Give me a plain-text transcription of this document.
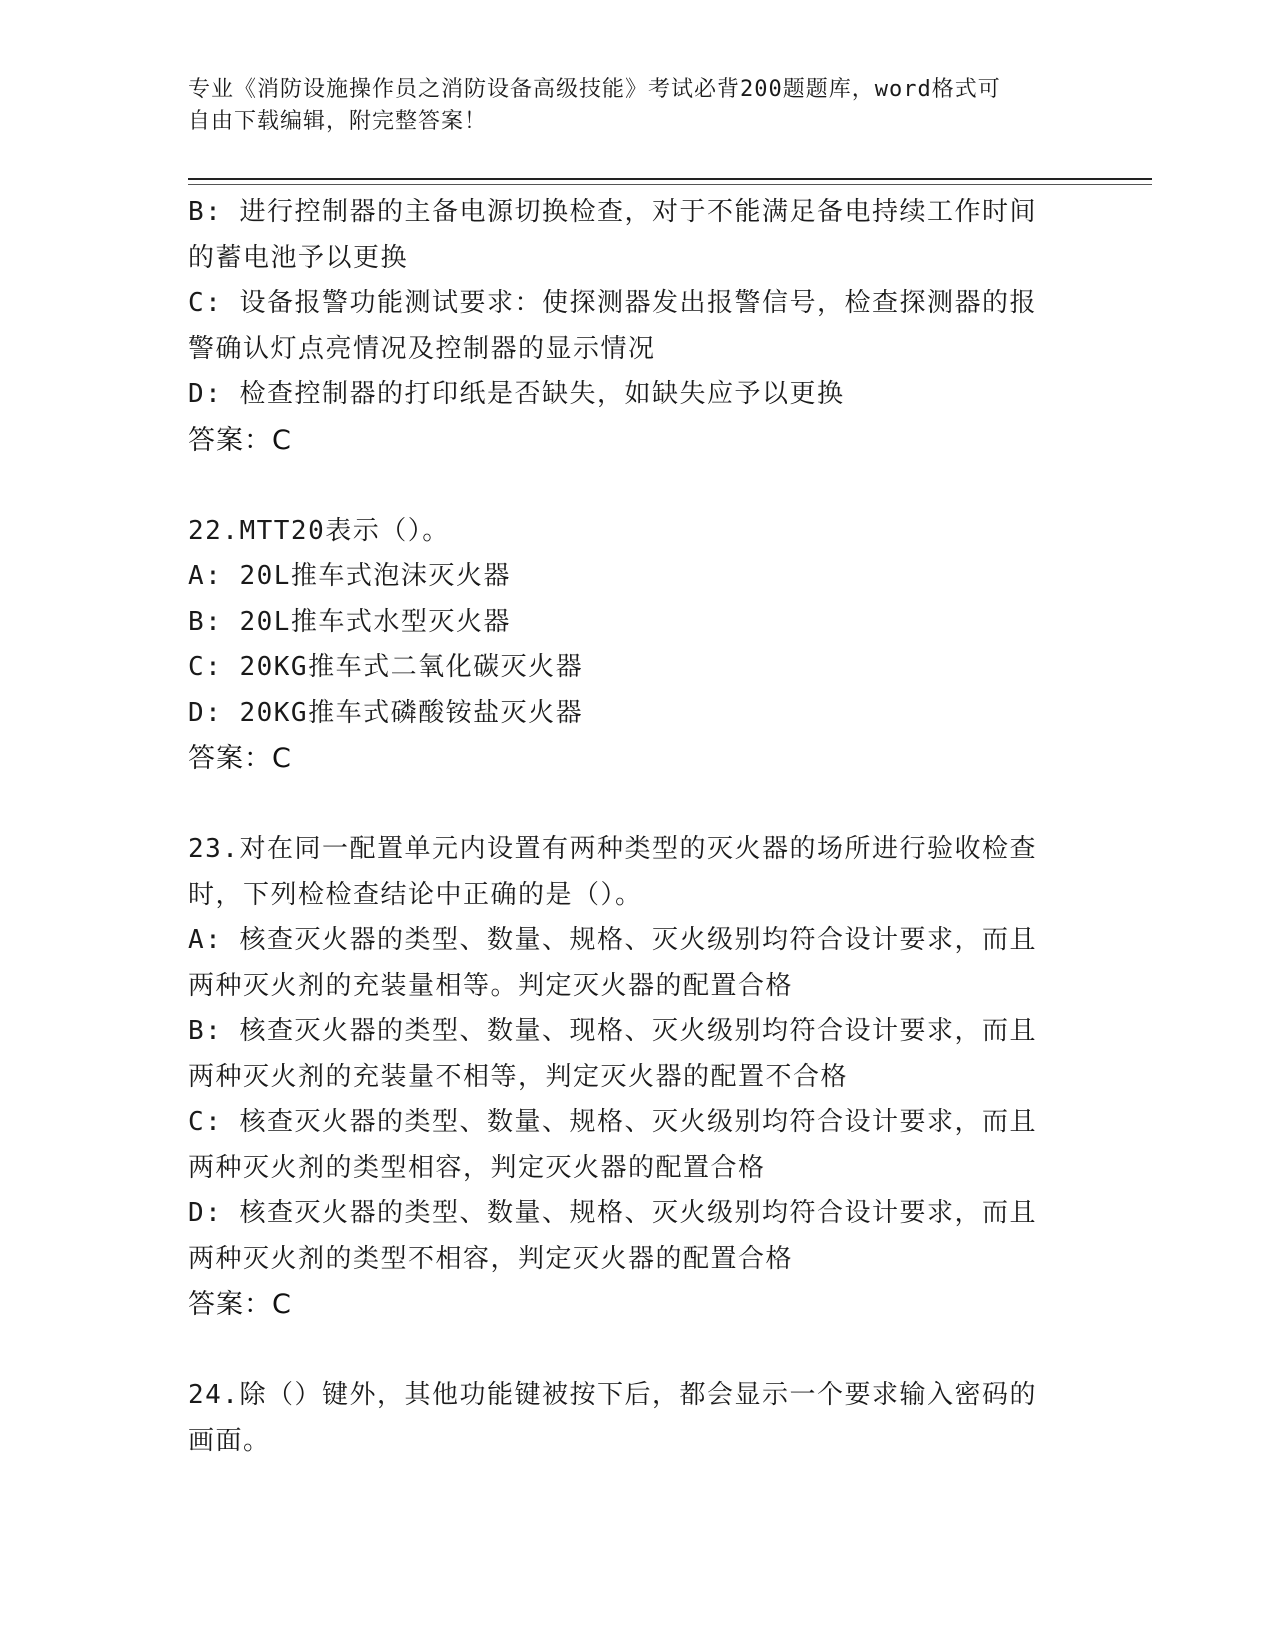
专业《消防设施操作员之消防设备高级技能》考试必背200题题库，word格式可
自由下载编辑，附完整答案！
B: 进行控制器的主备电源切换检查，对于不能满足备电持续工作时间
的蓄电池予以更换
C: 设备报警功能测试要求：使探测器发出报警信号，检查探测器的报
警确认灯点亮情况及控制器的显示情况
D: 检查控制器的打印纸是否缺失，如缺失应予以更换
答案：C
22.MTT20表示（）。
A: 20L推车式泡沫灭火器
B: 20L推车式水型灭火器
C: 20KG推车式二氧化碳灭火器
D: 20KG推车式磷酸铵盐灭火器
答案：C
23.对在同一配置单元内设置有两种类型的灭火器的场所进行验收检查
时，下列检检查结论中正确的是（）。
A: 核查灭火器的类型、数量、规格、灭火级别均符合设计要求，而且
两种灭火剂的充装量相等。判定灭火器的配置合格
B: 核查灭火器的类型、数量、现格、灭火级别均符合设计要求，而且
两种灭火剂的充装量不相等，判定灭火器的配置不合格
C: 核查灭火器的类型、数量、规格、灭火级别均符合设计要求，而且
两种灭火剂的类型相容，判定灭火器的配置合格
D: 核查灭火器的类型、数量、规格、灭火级别均符合设计要求，而且
两种灭火剂的类型不相容，判定灭火器的配置合格
答案：C
24.除（）键外，其他功能键被按下后，都会显示一个要求输入密码的
画面。
